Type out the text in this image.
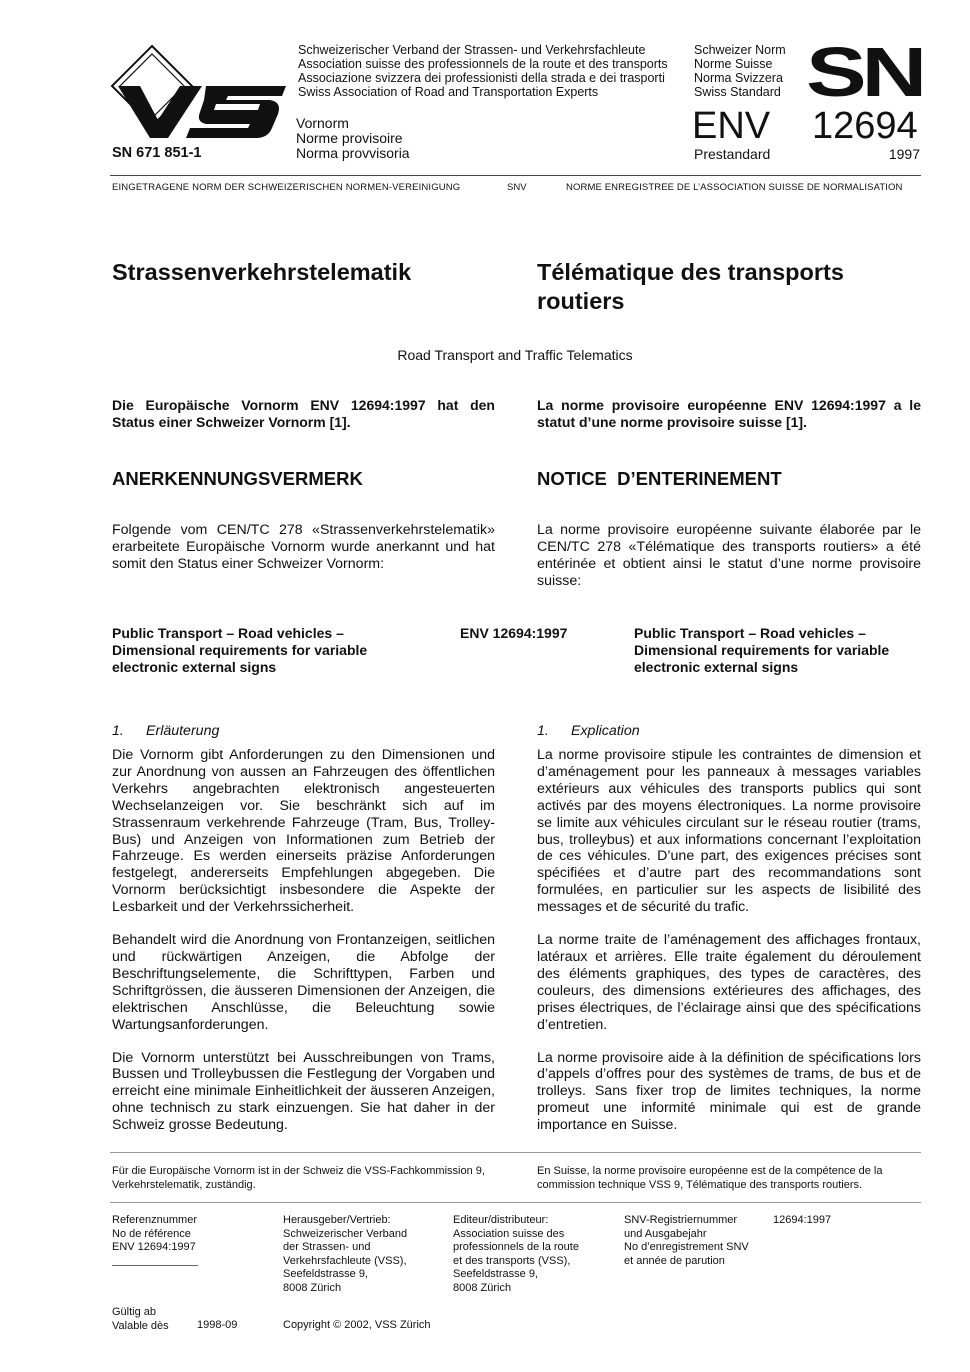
Schweizerischer Verband der Strassen- und Verkehrsfachleute
Association suisse des professionnels de la route et des transports
Associazione svizzera dei professionisti della strada e dei trasporti
Swiss Association of Road and Transportation Experts
Schweizer Norm
Norme Suisse
Norma Svizzera
Swiss Standard SN
Vornorm
Norme provisoire
Norma provvisoria
SN 671 851-1
ENV 12694
Prestandard	1997
EINGETRAGENE NORM DER SCHWEIZERISCHEN NORMEN-VEREINIGUNG	SNV	NORME ENREGISTREE DE L’ASSOCIATION SUISSE DE NORMALISATION
Strassenverkehrstelematik	Télématique des transports
routiers
Road Transport and Traffic Telematics
Die Europäische Vornorm ENV 12694:1997 hat den
Status einer Schweizer Vornorm [1].
La norme provisoire européenne ENV 12694:1997 a le
statut d’une norme provisoire suisse [1].
ANERKENNUNGSVERMERK	NOTICE  D’ENTERINEMENT
Folgende vom CEN/TC 278 «Strassenverkehrstelematik» erarbeitete Europäische Vornorm wurde anerkannt und hat somit den Status einer Schweizer Vornorm:
La norme provisoire européenne suivante élaborée par le CEN/TC 278 «Télématique des transports routiers» a été entérinée et obtient ainsi le statut d’une norme provisoire suisse:
Public Transport – Road vehicles –
Dimensional requirements for variable
electronic external signs
ENV 12694:1997	Public Transport – Road vehicles –
Dimensional requirements for variable
electronic external signs
1. Erläuterung	1. Explication

Die Vornorm gibt Anforderungen zu den Dimensionen und zur Anordnung von aussen an Fahrzeugen des öffentlichen Verkehrs angebrachten elektronisch angesteuerten Wechselanzeigen vor. Sie beschränkt sich auf im Strassenraum verkehrende Fahrzeuge (Tram, Bus, Trolley-Bus) und Anzeigen von Informationen zum Betrieb der Fahrzeuge. Es werden einerseits präzise Anforderungen festgelegt, andererseits Empfehlungen abgegeben. Die Vornorm berücksichtigt insbesondere die Aspekte der Lesbarkeit und der Verkehrssicherheit.

Behandelt wird die Anordnung von Frontanzeigen, seitlichen und rückwärtigen Anzeigen, die Abfolge der Beschriftungselemente, die Schrifttypen, Farben und Schriftgrössen, die äusseren Dimensionen der Anzeigen, die elektrischen Anschlüsse, die Beleuchtung sowie Wartungsanforderungen.

Die Vornorm unterstützt bei Ausschreibungen von Trams, Bussen und Trolleybussen die Festlegung der Vorgaben und erreicht eine minimale Einheitlichkeit der äusseren Anzeigen, ohne technisch zu stark einzuengen. Sie hat daher in der Schweiz grosse Bedeutung.

La norme provisoire stipule les contraintes de dimension et d’aménagement pour les panneaux à messages variables extérieurs aux véhicules des transports publics qui sont activés par des moyens électroniques. La norme provisoire se limite aux véhicules circulant sur le réseau routier (trams, bus, trolleybus) et aux informations concernant l’exploitation de ces véhicules. D’une part, des exigences précises sont spécifiées et d’autre part des recommandations sont formulées, en particulier sur les aspects de lisibilité des messages et de sécurité du trafic.

La norme traite de l’aménagement des affichages frontaux, latéraux et arrières. Elle traite également du déroulement des éléments graphiques, des types de caractères, des couleurs, des dimensions extérieures des affichages, des prises électriques, de l’éclairage ainsi que des spécifications d’entretien.

La norme provisoire aide à la définition de spécifications lors d’appels d’offres pour des systèmes de trams, de bus et de trolleys. Sans fixer trop de limites techniques, la norme promeut une informité minimale qui est de grande importance en Suisse.

Für die Europäische Vornorm ist in der Schweiz die VSS-Fachkommission 9,
Verkehrstelematik, zuständig.
En Suisse, la norme provisoire européenne est de la compétence de la
commission technique VSS 9, Télématique des transports routiers.
Referenznummer
No de référence
ENV 12694:1997
Herausgeber/Vertrieb:
Schweizerischer Verband
der Strassen- und
Verkehrsfachleute (VSS),
Seefeldstrasse 9,
8008 Zürich
Editeur/distributeur:
Association suisse des
professionnels de la route
et des transports (VSS),
Seefeldstrasse 9,
8008 Zürich
SNV-Registriernummer
und Ausgabejahr
No d’enregistrement SNV
et année de parution
12694:1997
Gültig ab
Valable dès	1998-09	Copyright © 2002, VSS Zürich
